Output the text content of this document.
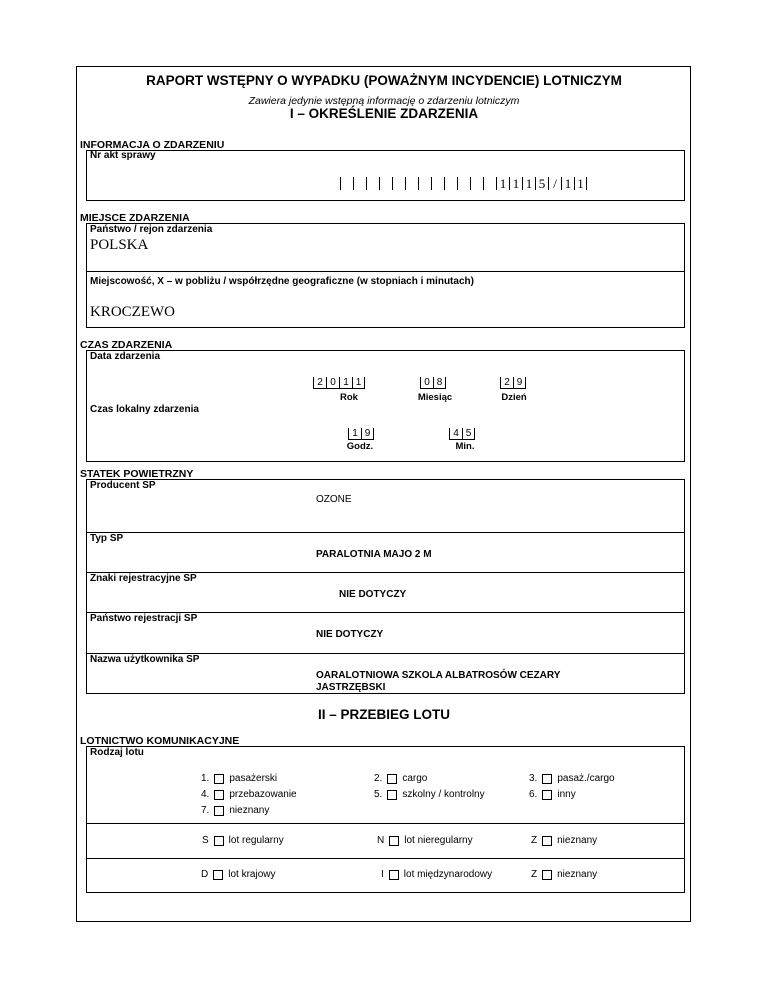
RAPORT WSTĘPNY O WYPADKU (POWAŻNYM INCYDENCIE) LOTNICZYM
Zawiera jedynie wstępną informację o zdarzeniu lotniczym
I – OKREŚLENIE ZDARZENIA
INFORMACJA O ZDARZENIU
Nr akt sprawy
1 1 1 5 / 1 1
MIEJSCE ZDARZENIA
Państwo / rejon zdarzenia
POLSKA
Miejscowość, X – w pobliżu / współrzędne geograficzne (w stopniach i minutach)
KROCZEWO
CZAS ZDARZENIA
Data zdarzenia
Czas lokalny zdarzenia
2 0 1 1	0 8	2 9
Rok	Miesiąc	Dzień
1 9	4 5
Godz.	Min.
STATEK POWIETRZNY
Producent SP
OZONE
Typ SP
PARALOTNIA MAJO 2 M
Znaki rejestracyjne SP
NIE DOTYCZY
Państwo rejestracji SP
NIE DOTYCZY
Nazwa użytkownika SP
OARALOTNIOWA SZKOLA ALBATROSÓW CEZARY
JASTRZĘBSKI
II – PRZEBIEG LOTU
LOTNICTWO KOMUNIKACYJNE
Rodzaj lotu
1. pasażerski	2. cargo	3. pasaż./cargo
4. przebazowanie	5. szkolny / kontrolny	6. inny
7. nieznany
S lot regularny	N lot nieregularny	Z nieznany
D lot krajowy	I lot międzynarodowy	Z nieznany
